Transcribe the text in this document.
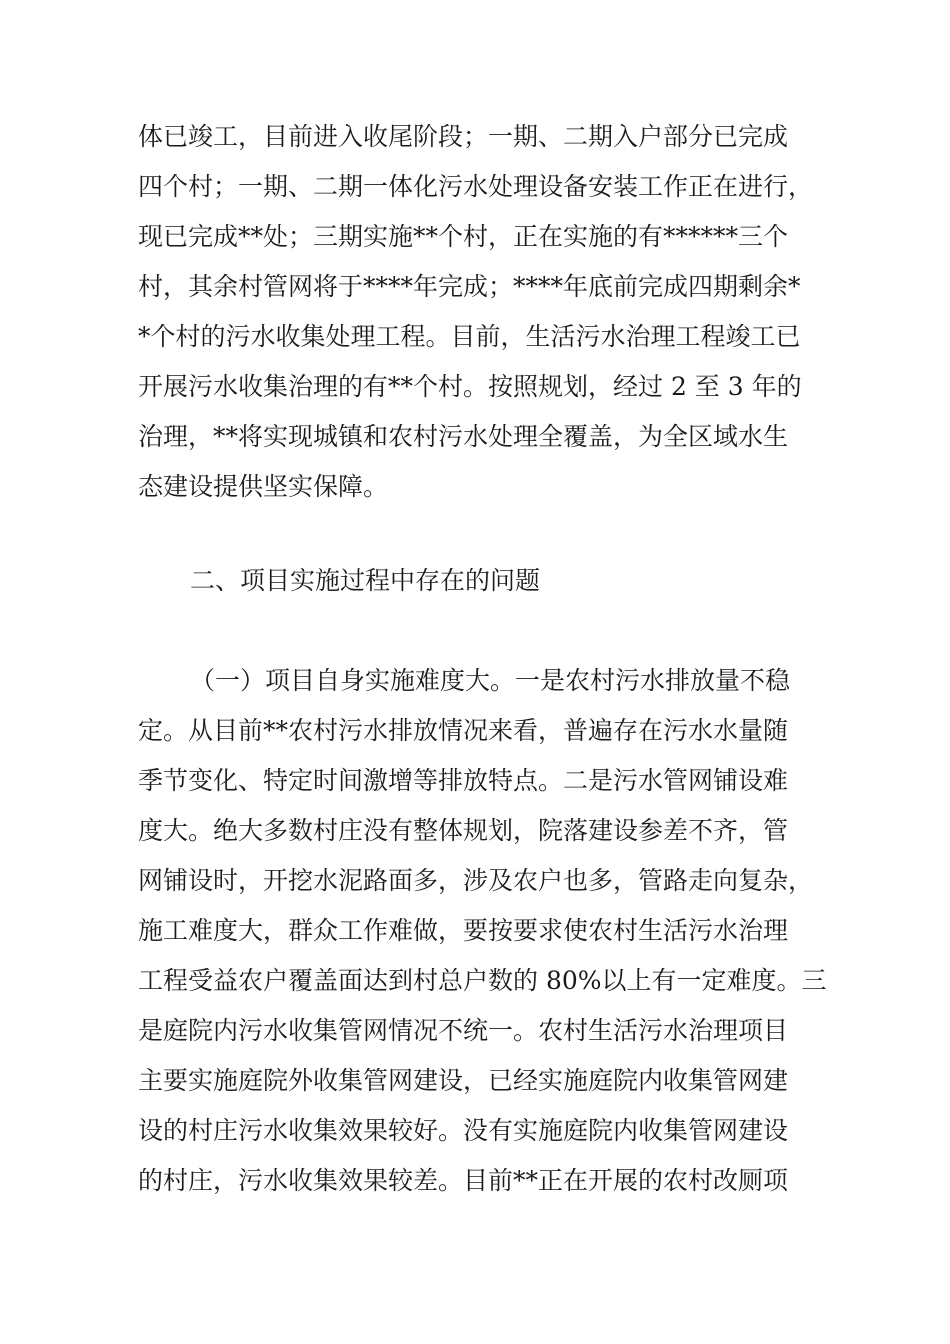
体已竣工，目前进入收尾阶段；一期、二期入户部分已完成
四个村；一期、二期一体化污水处理设备安装工作正在进行，
现已完成**处；三期实施**个村，正在实施的有******三个
村，其余村管网将于****年完成；****年底前完成四期剩余*
*个村的污水收集处理工程。目前，生活污水治理工程竣工已
开展污水收集治理的有**个村。按照规划，经过 2 至 3 年的
治理，**将实现城镇和农村污水处理全覆盖，为全区域水生
态建设提供坚实保障。
二、项目实施过程中存在的问题
（一）项目自身实施难度大。一是农村污水排放量不稳
定。从目前**农村污水排放情况来看，普遍存在污水水量随
季节变化、特定时间激增等排放特点。二是污水管网铺设难
度大。绝大多数村庄没有整体规划，院落建设参差不齐，管
网铺设时，开挖水泥路面多，涉及农户也多，管路走向复杂，
施工难度大，群众工作难做，要按要求使农村生活污水治理
工程受益农户覆盖面达到村总户数的 80%以上有一定难度。三
是庭院内污水收集管网情况不统一。农村生活污水治理项目
主要实施庭院外收集管网建设，已经实施庭院内收集管网建
设的村庄污水收集效果较好。没有实施庭院内收集管网建设
的村庄，污水收集效果较差。目前**正在开展的农村改厕项
